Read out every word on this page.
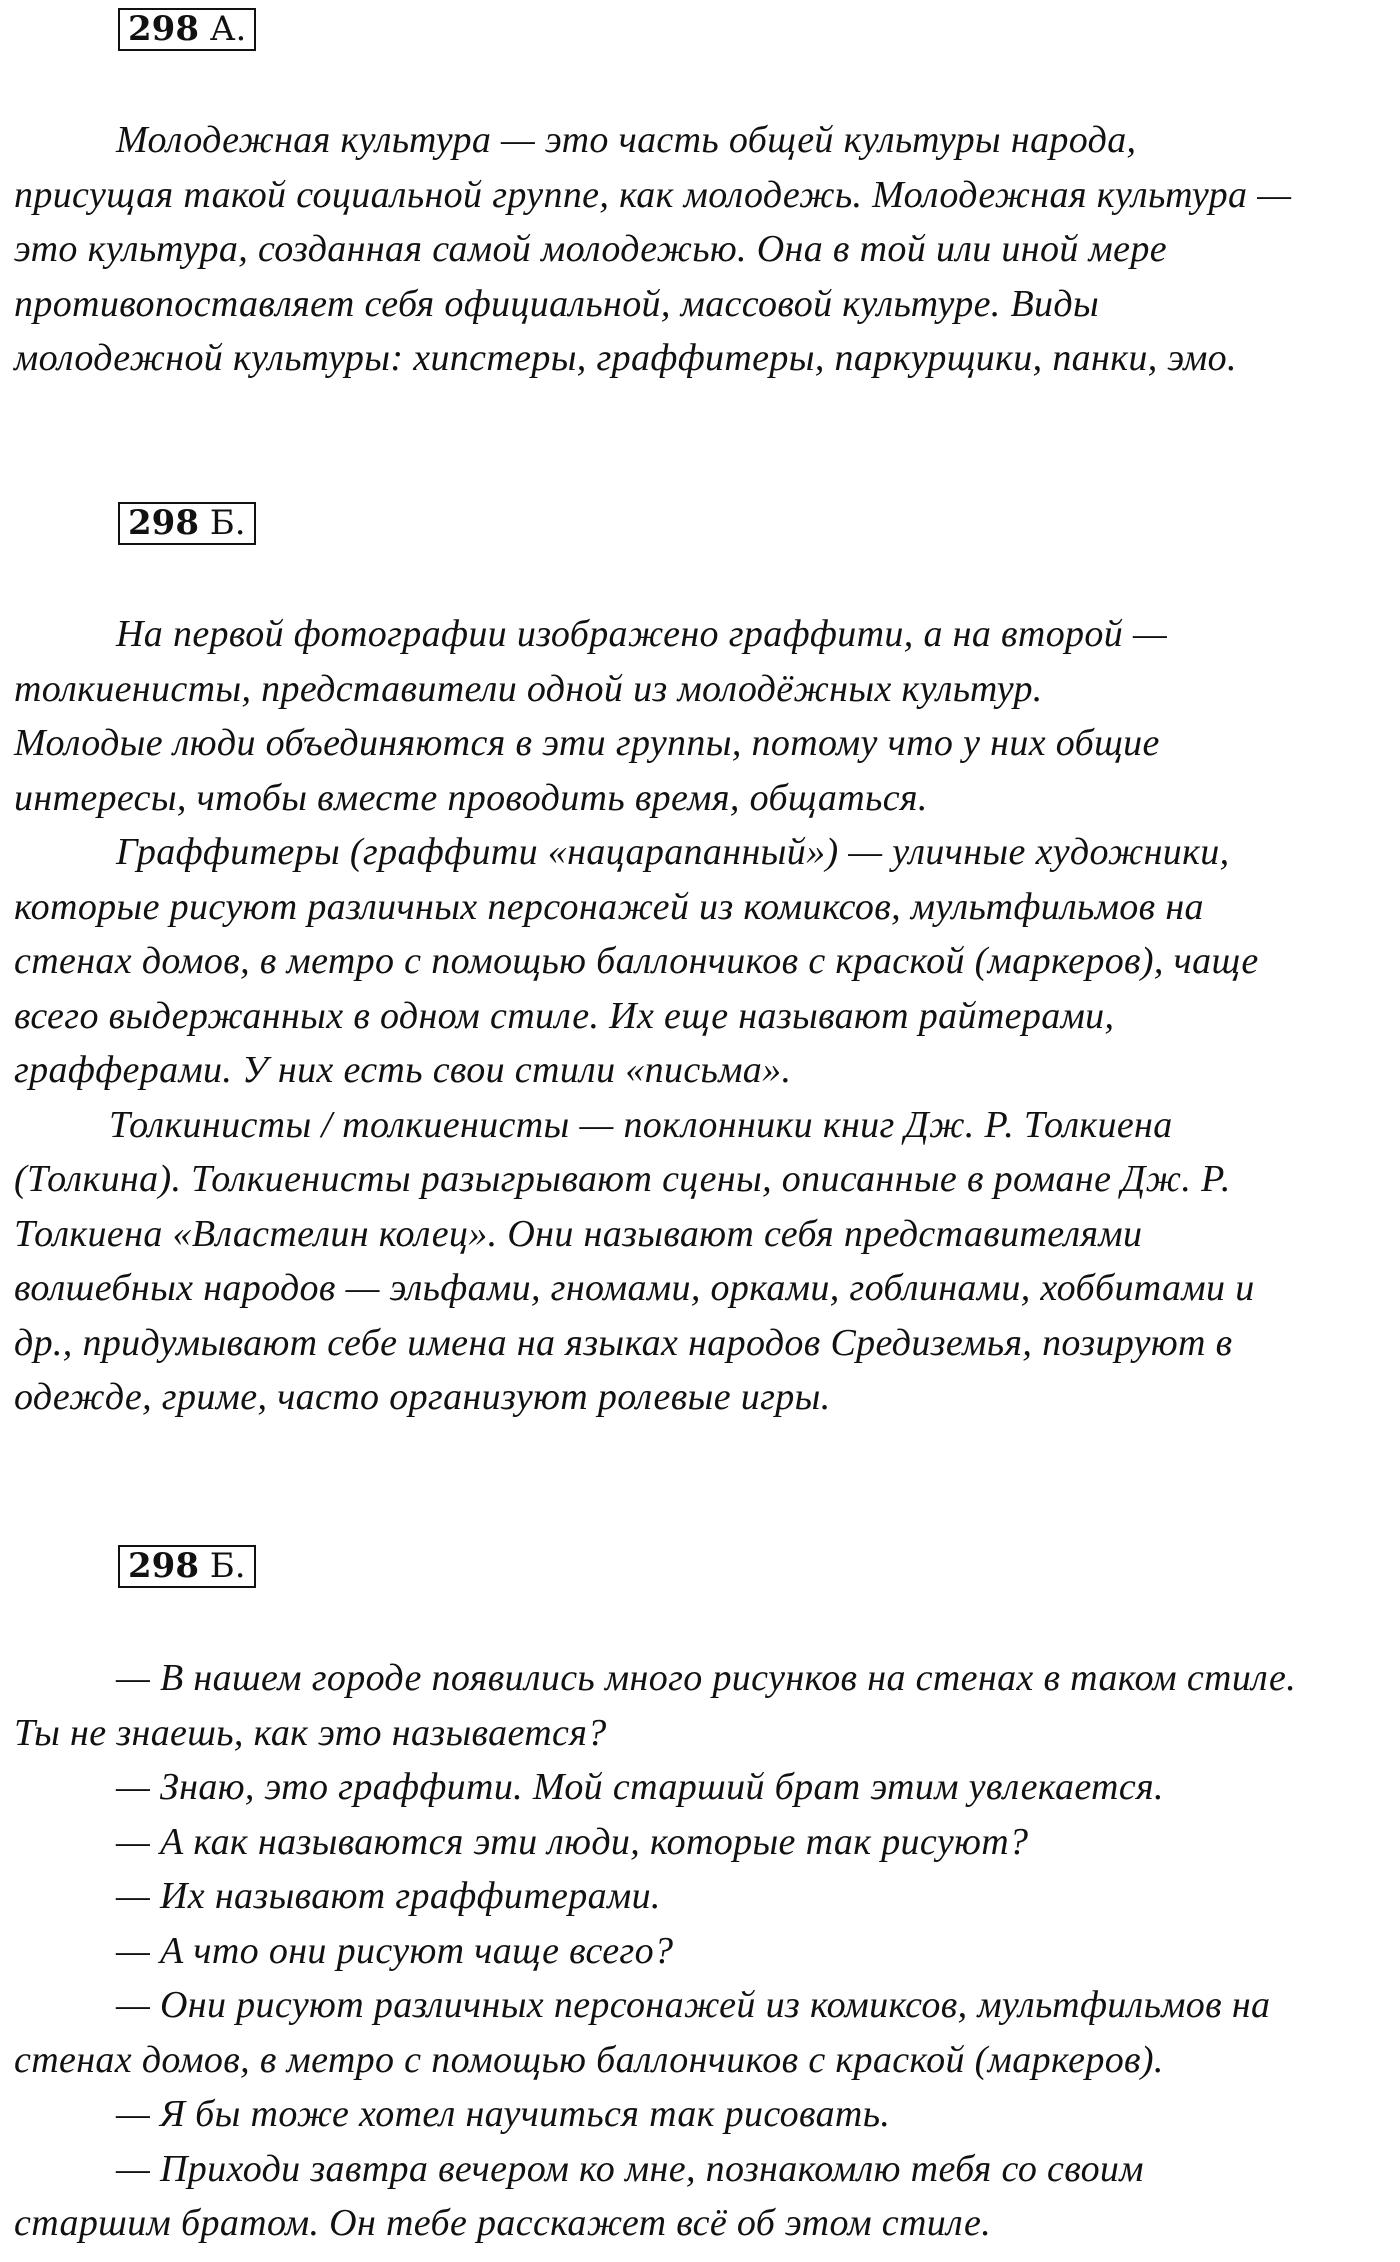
298 А.

Молодежная культура — это часть общей культуры народа,
присущая такой социальной группе, как молодежь. Молодежная культура —
это культура, созданная самой молодежью. Она в той или иной мере
противопоставляет себя официальной, массовой культуре. Виды
молодежной культуры: хипстеры, граффитеры, паркурщики, панки, эмо.

298 Б.

На первой фотографии изображено граффити, а на второй —
толкиенисты, представители одной из молодёжных культур.
Молодые люди объединяются в эти группы, потому что у них общие
интересы, чтобы вместе проводить время, общаться.

Граффитеры (граффити «нацарапанный») — уличные художники,
которые рисуют различных персонажей из комиксов, мультфильмов на
стенах домов, в метро с помощью баллончиков с краской (маркеров), чаще
всего выдержанных в одном стиле. Их еще называют райтерами,
графферами. У них есть свои стили «письма».

Толкинисты / толкиенисты — поклонники книг Дж. Р. Толкиена
(Толкина). Толкиенисты разыгрывают сцены, описанные в романе Дж. Р.
Толкиена «Властелин колец». Они называют себя представителями
волшебных народов — эльфами, гномами, орками, гоблинами, хоббитами и
др., придумывают себе имена на языках народов Средиземья, позируют в
одежде, гриме, часто организуют ролевые игры.

298 Б.

— В нашем городе появились много рисунков на стенах в таком стиле.
Ты не знаешь, как это называется?

— Знаю, это граффити. Мой старший брат этим увлекается.

— А как называются эти люди, которые так рисуют?

— Их называют граффитерами.

— А что они рисуют чаще всего?

— Они рисуют различных персонажей из комиксов, мультфильмов на
стенах домов, в метро с помощью баллончиков с краской (маркеров).

— Я бы тоже хотел научиться так рисовать.

— Приходи завтра вечером ко мне, познакомлю тебя со своим
старшим братом. Он тебе расскажет всё об этом стиле.
